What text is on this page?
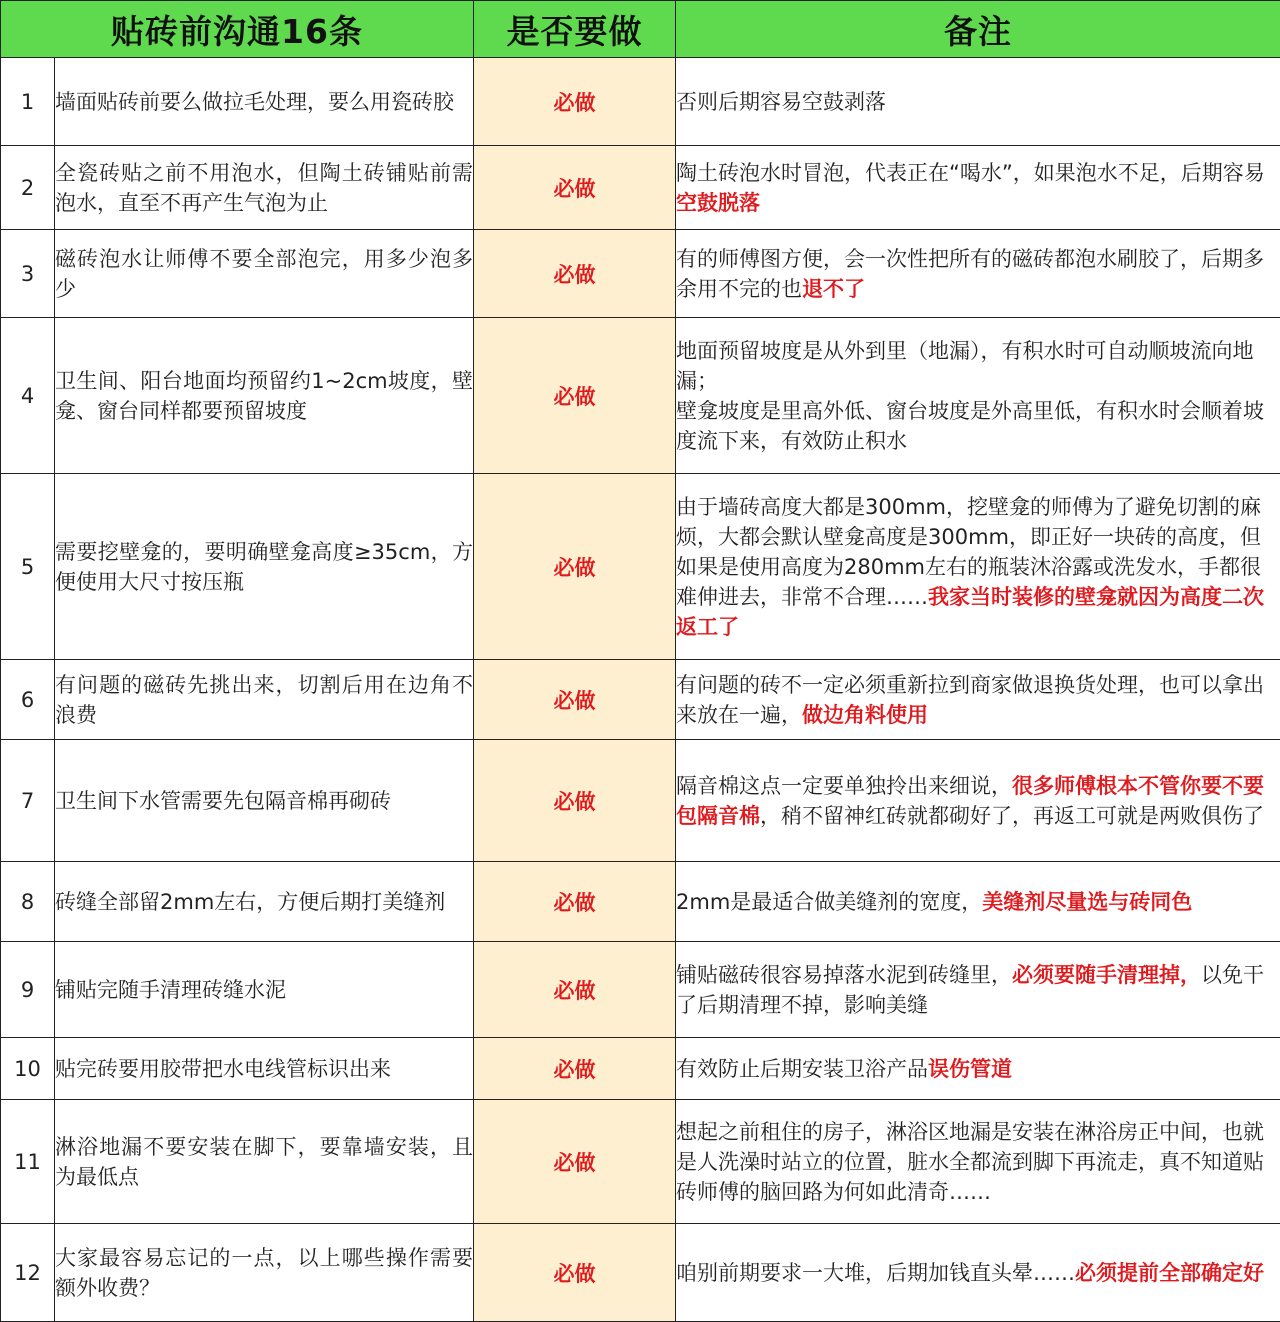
贴砖前沟通16条		是否要做	备注
1	墙面贴砖前要么做拉毛处理，要么用瓷砖胶	必做	否则后期容易空鼓剥落
2	全瓷砖贴之前不用泡水，但陶土砖铺贴前需泡水，直至不再产生气泡为止	必做	陶土砖泡水时冒泡，代表正在“喝水”，如果泡水不足，后期容易空鼓脱落
3	磁砖泡水让师傅不要全部泡完，用多少泡多少	必做	有的师傅图方便，会一次性把所有的磁砖都泡水刷胶了，后期多余用不完的也退不了
4	卫生间、阳台地面均预留约1~2cm坡度，壁龛、窗台同样都要预留坡度	必做	地面预留坡度是从外到里（地漏），有积水时可自动顺坡流向地漏；
壁龛坡度是里高外低、窗台坡度是外高里低，有积水时会顺着坡度流下来，有效防止积水
5	需要挖壁龛的，要明确壁龛高度≥35cm，方便使用大尺寸按压瓶	必做	由于墙砖高度大都是300mm，挖壁龛的师傅为了避免切割的麻烦，大都会默认壁龛高度是300mm，即正好一块砖的高度，但如果是使用高度为280mm左右的瓶装沐浴露或洗发水，手都很难伸进去，非常不合理……我家当时装修的壁龛就因为高度二次返工了
6	有问题的磁砖先挑出来，切割后用在边角不浪费	必做	有问题的砖不一定必须重新拉到商家做退换货处理，也可以拿出来放在一遍，做边角料使用
7	卫生间下水管需要先包隔音棉再砌砖	必做	隔音棉这点一定要单独拎出来细说，很多师傅根本不管你要不要包隔音棉，稍不留神红砖就都砌好了，再返工可就是两败俱伤了
8	砖缝全部留2mm左右，方便后期打美缝剂	必做	2mm是最适合做美缝剂的宽度，美缝剂尽量选与砖同色
9	铺贴完随手清理砖缝水泥	必做	铺贴磁砖很容易掉落水泥到砖缝里，必须要随手清理掉，以免干了后期清理不掉，影响美缝
10	贴完砖要用胶带把水电线管标识出来	必做	有效防止后期安装卫浴产品误伤管道
11	淋浴地漏不要安装在脚下，要靠墙安装，且为最低点	必做	想起之前租住的房子，淋浴区地漏是安装在淋浴房正中间，也就是人洗澡时站立的位置，脏水全都流到脚下再流走，真不知道贴砖师傅的脑回路为何如此清奇……
12	大家最容易忘记的一点，以上哪些操作需要额外收费？	必做	咱别前期要求一大堆，后期加钱直头晕……必须提前全部确定好
